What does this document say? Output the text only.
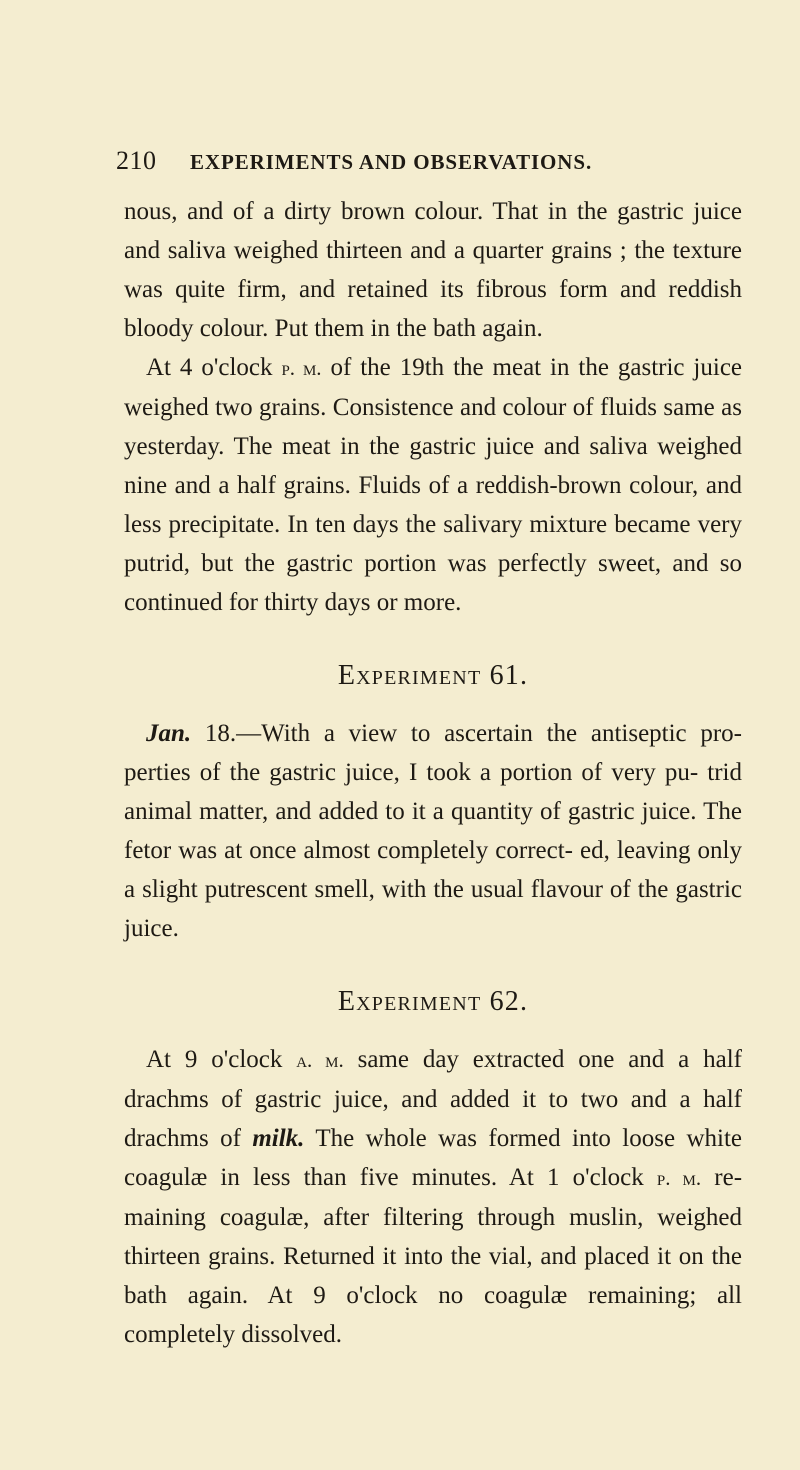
210	EXPERIMENTS AND OBSERVATIONS.

nous, and of a dirty brown colour. That in the gastric juice and saliva weighed thirteen and a quarter grains ; the texture was quite firm, and retained its fibrous form and reddish bloody colour. Put them in the bath again.

At 4 o'clock p. m. of the 19th the meat in the gastric juice weighed two grains. Consistence and colour of fluids same as yesterday. The meat in the gastric juice and saliva weighed nine and a half grains. Fluids of a reddish-brown colour, and less precipitate. In ten days the salivary mixture became very putrid, but the gastric portion was perfectly sweet, and so continued for thirty days or more.

Experiment 61.

Jan. 18.—With a view to ascertain the antiseptic pro- perties of the gastric juice, I took a portion of very pu- trid animal matter, and added to it a quantity of gastric juice. The fetor was at once almost completely correct- ed, leaving only a slight putrescent smell, with the usual flavour of the gastric juice.

Experiment 62.

At 9 o'clock a. m. same day extracted one and a half drachms of gastric juice, and added it to two and a half drachms of milk. The whole was formed into loose white coagulæ in less than five minutes. At 1 o'clock p. m. re- maining coagulæ, after filtering through muslin, weighed thirteen grains. Returned it into the vial, and placed it on the bath again. At 9 o'clock no coagulæ remaining; all completely dissolved.
